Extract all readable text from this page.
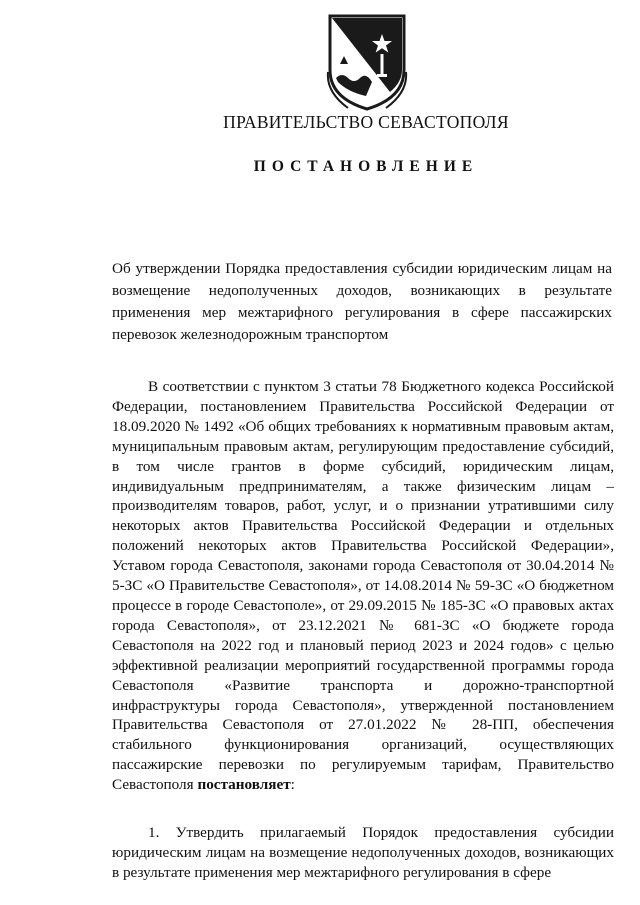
ПРАВИТЕЛЬСТВО СЕВАСТОПОЛЯ
ПОСТАНОВЛЕНИЕ
Об утверждении Порядка предоставления субсидии юридическим лицам на возмещение недополученных доходов, возникающих в результате применения мер межтарифного регулирования в сфере пассажирских перевозок железнодорожным транспортом

В соответствии с пунктом 3 статьи 78 Бюджетного кодекса Российской Федерации, постановлением Правительства Российской Федерации от 18.09.2020 № 1492 «Об общих требованиях к нормативным правовым актам, муниципальным правовым актам, регулирующим предоставление субсидий, в том числе грантов в форме субсидий, юридическим лицам, индивидуальным предпринимателям, а также физическим лицам – производителям товаров, работ, услуг, и о признании утратившими силу некоторых актов Правительства Российской Федерации и отдельных положений некоторых актов Правительства Российской Федерации», Уставом города Севастополя, законами города Севастополя от 30.04.2014 № 5-ЗС «О Правительстве Севастополя», от 14.08.2014 № 59-ЗС «О бюджетном процессе в городе Севастополе», от 29.09.2015 № 185-ЗС «О правовых актах города Севастополя», от 23.12.2021 № 681-ЗС «О бюджете города Севастополя на 2022 год и плановый период 2023 и 2024 годов» с целью эффективной реализации мероприятий государственной программы города Севастополя «Развитие транспорта и дорожно-транспортной инфраструктуры города Севастополя», утвержденной постановлением Правительства Севастополя от 27.01.2022 № 28-ПП, обеспечения стабильного функционирования организаций, осуществляющих пассажирские перевозки по регулируемым тарифам, Правительство Севастополя постановляет:

1. Утвердить прилагаемый Порядок предоставления субсидии юридическим лицам на возмещение недополученных доходов, возникающих в результате применения мер межтарифного регулирования в сфере
